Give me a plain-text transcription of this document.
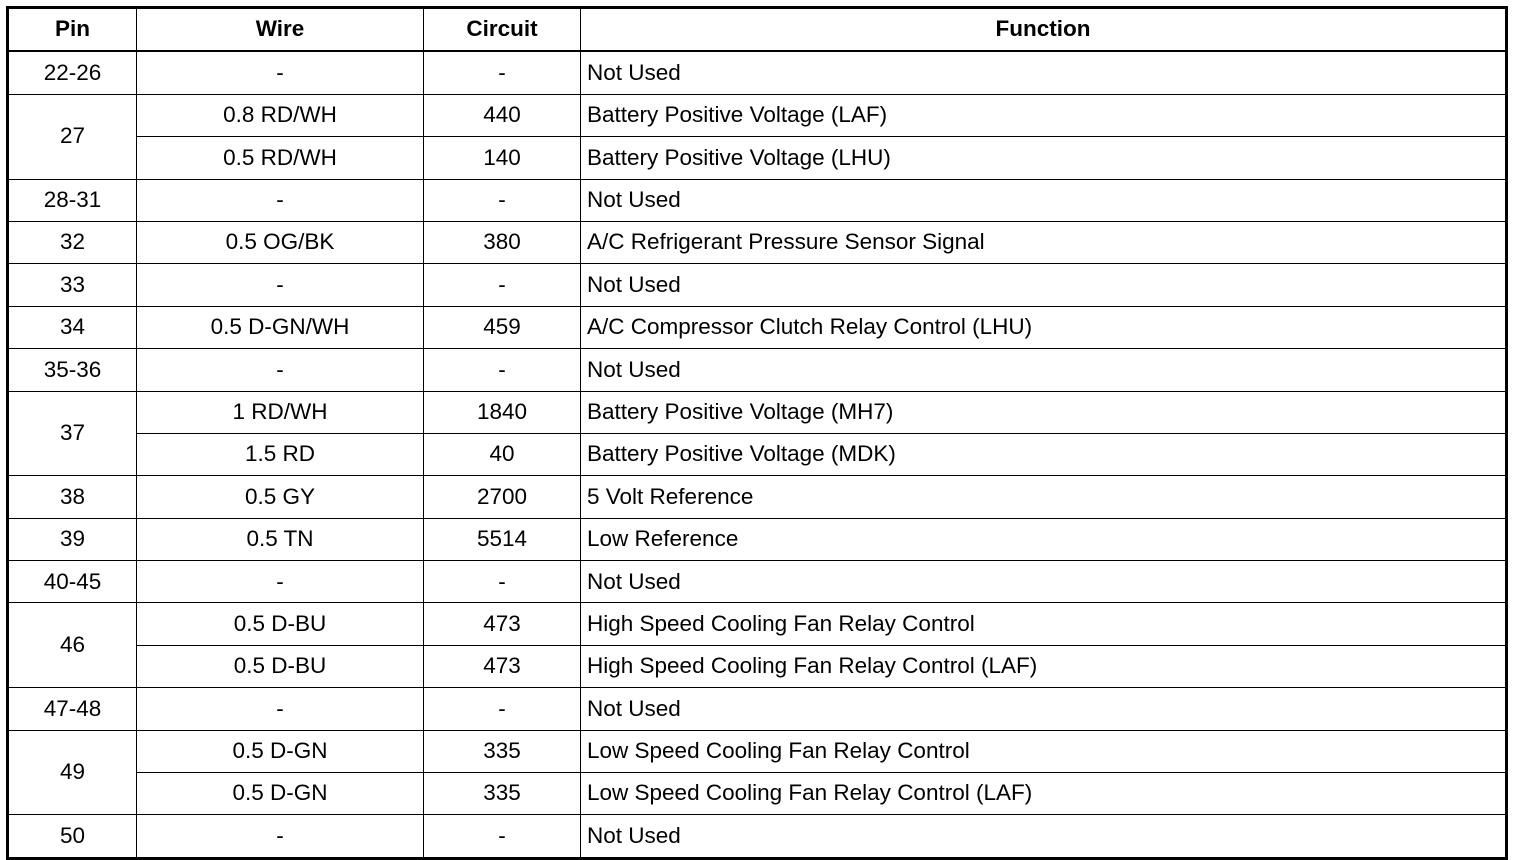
Pin	Wire	Circuit	Function
22-26	-	-	Not Used
27	0.8 RD/WH	440	Battery Positive Voltage (LAF)
	0.5 RD/WH	140	Battery Positive Voltage (LHU)
28-31	-	-	Not Used
32	0.5 OG/BK	380	A/C Refrigerant Pressure Sensor Signal
33	-	-	Not Used
34	0.5 D-GN/WH	459	A/C Compressor Clutch Relay Control (LHU)
35-36	-	-	Not Used
37	1 RD/WH	1840	Battery Positive Voltage (MH7)
	1.5 RD	40	Battery Positive Voltage (MDK)
38	0.5 GY	2700	5 Volt Reference
39	0.5 TN	5514	Low Reference
40-45	-	-	Not Used
46	0.5 D-BU	473	High Speed Cooling Fan Relay Control
	0.5 D-BU	473	High Speed Cooling Fan Relay Control (LAF)
47-48	-	-	Not Used
49	0.5 D-GN	335	Low Speed Cooling Fan Relay Control
	0.5 D-GN	335	Low Speed Cooling Fan Relay Control (LAF)
50	-	-	Not Used
